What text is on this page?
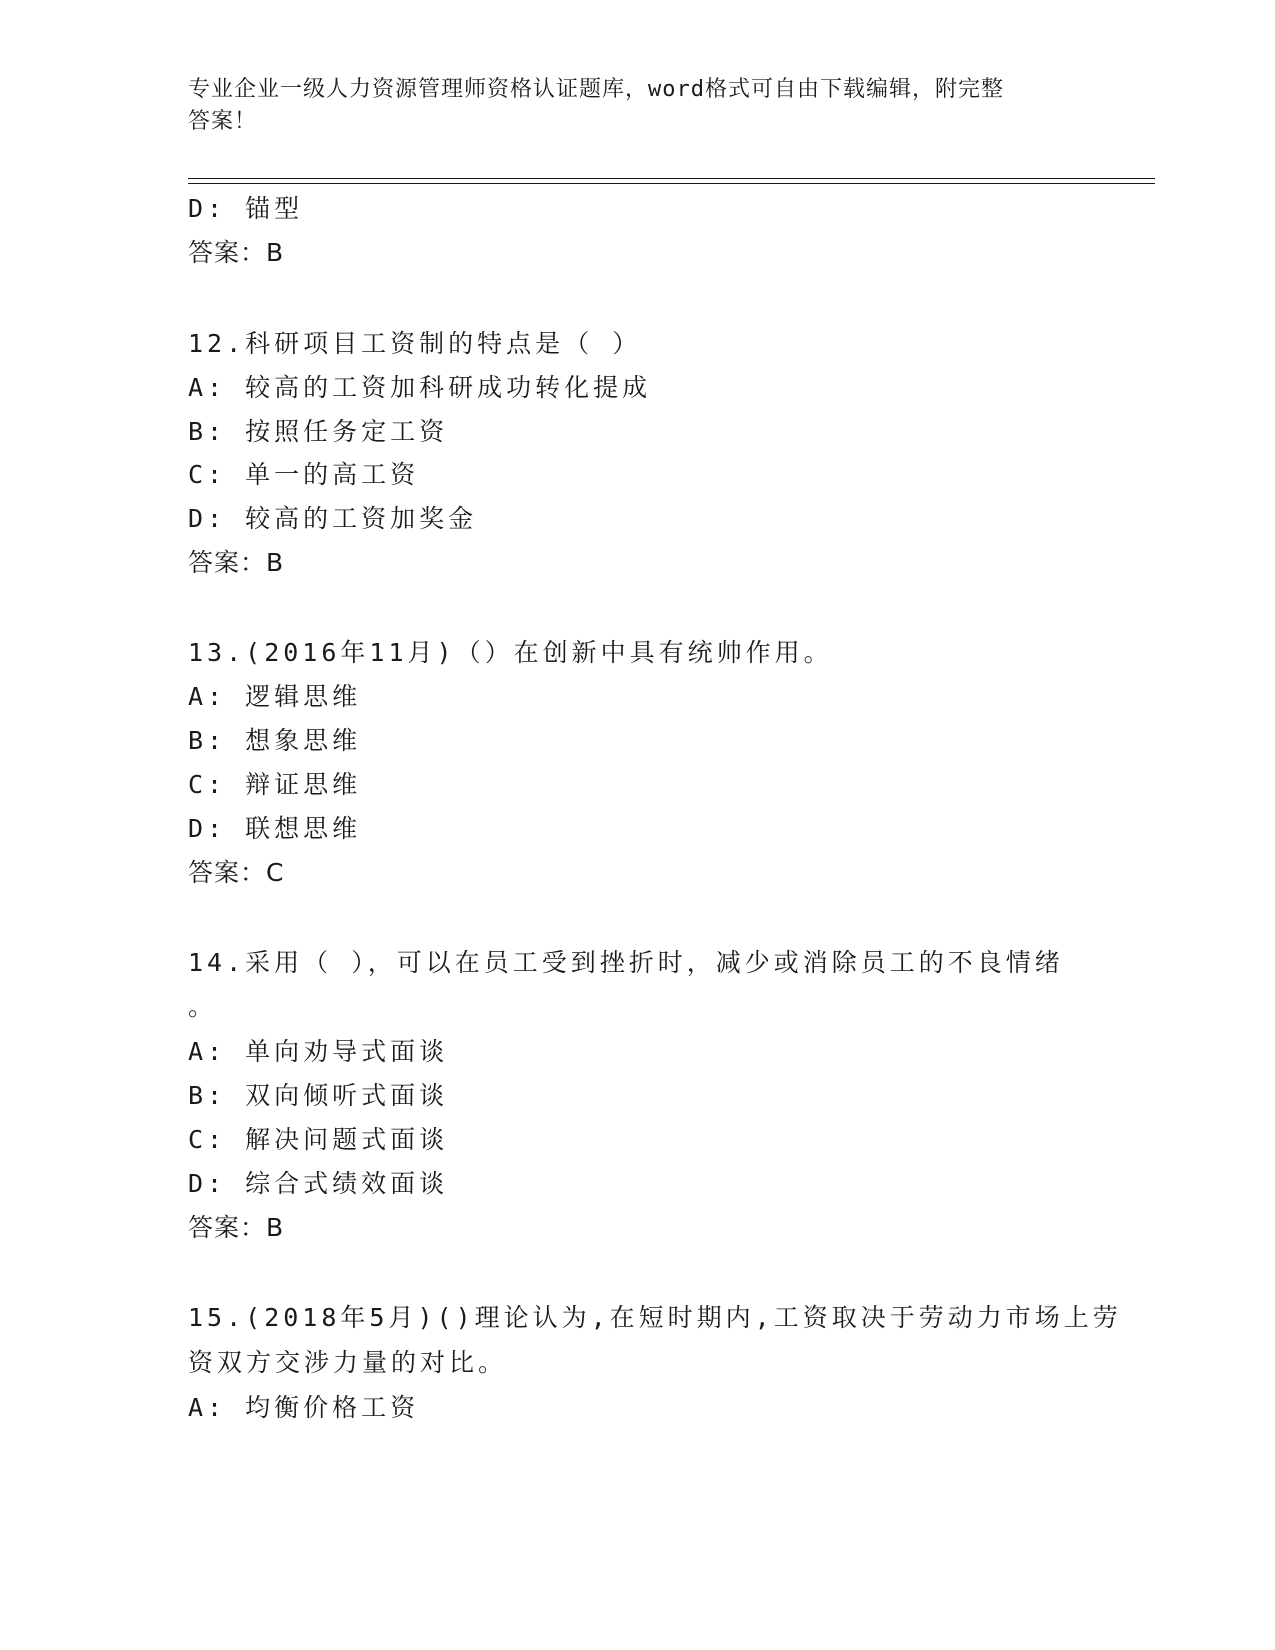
专业企业一级人力资源管理师资格认证题库，word格式可自由下载编辑，附完整
答案！
D: 锚型
答案：B
12.科研项目工资制的特点是（ ）
A: 较高的工资加科研成功转化提成
B: 按照任务定工资
C: 单一的高工资
D: 较高的工资加奖金
答案：B
13.(2016年11月)（）在创新中具有统帅作用。
A: 逻辑思维
B: 想象思维
C: 辩证思维
D: 联想思维
答案：C
14.采用（ ），可以在员工受到挫折时，减少或消除员工的不良情绪
。
A: 单向劝导式面谈
B: 双向倾听式面谈
C: 解决问题式面谈
D: 综合式绩效面谈
答案：B
15.(2018年5月)()理论认为,在短时期内,工资取决于劳动力市场上劳
资双方交涉力量的对比。
A: 均衡价格工资
